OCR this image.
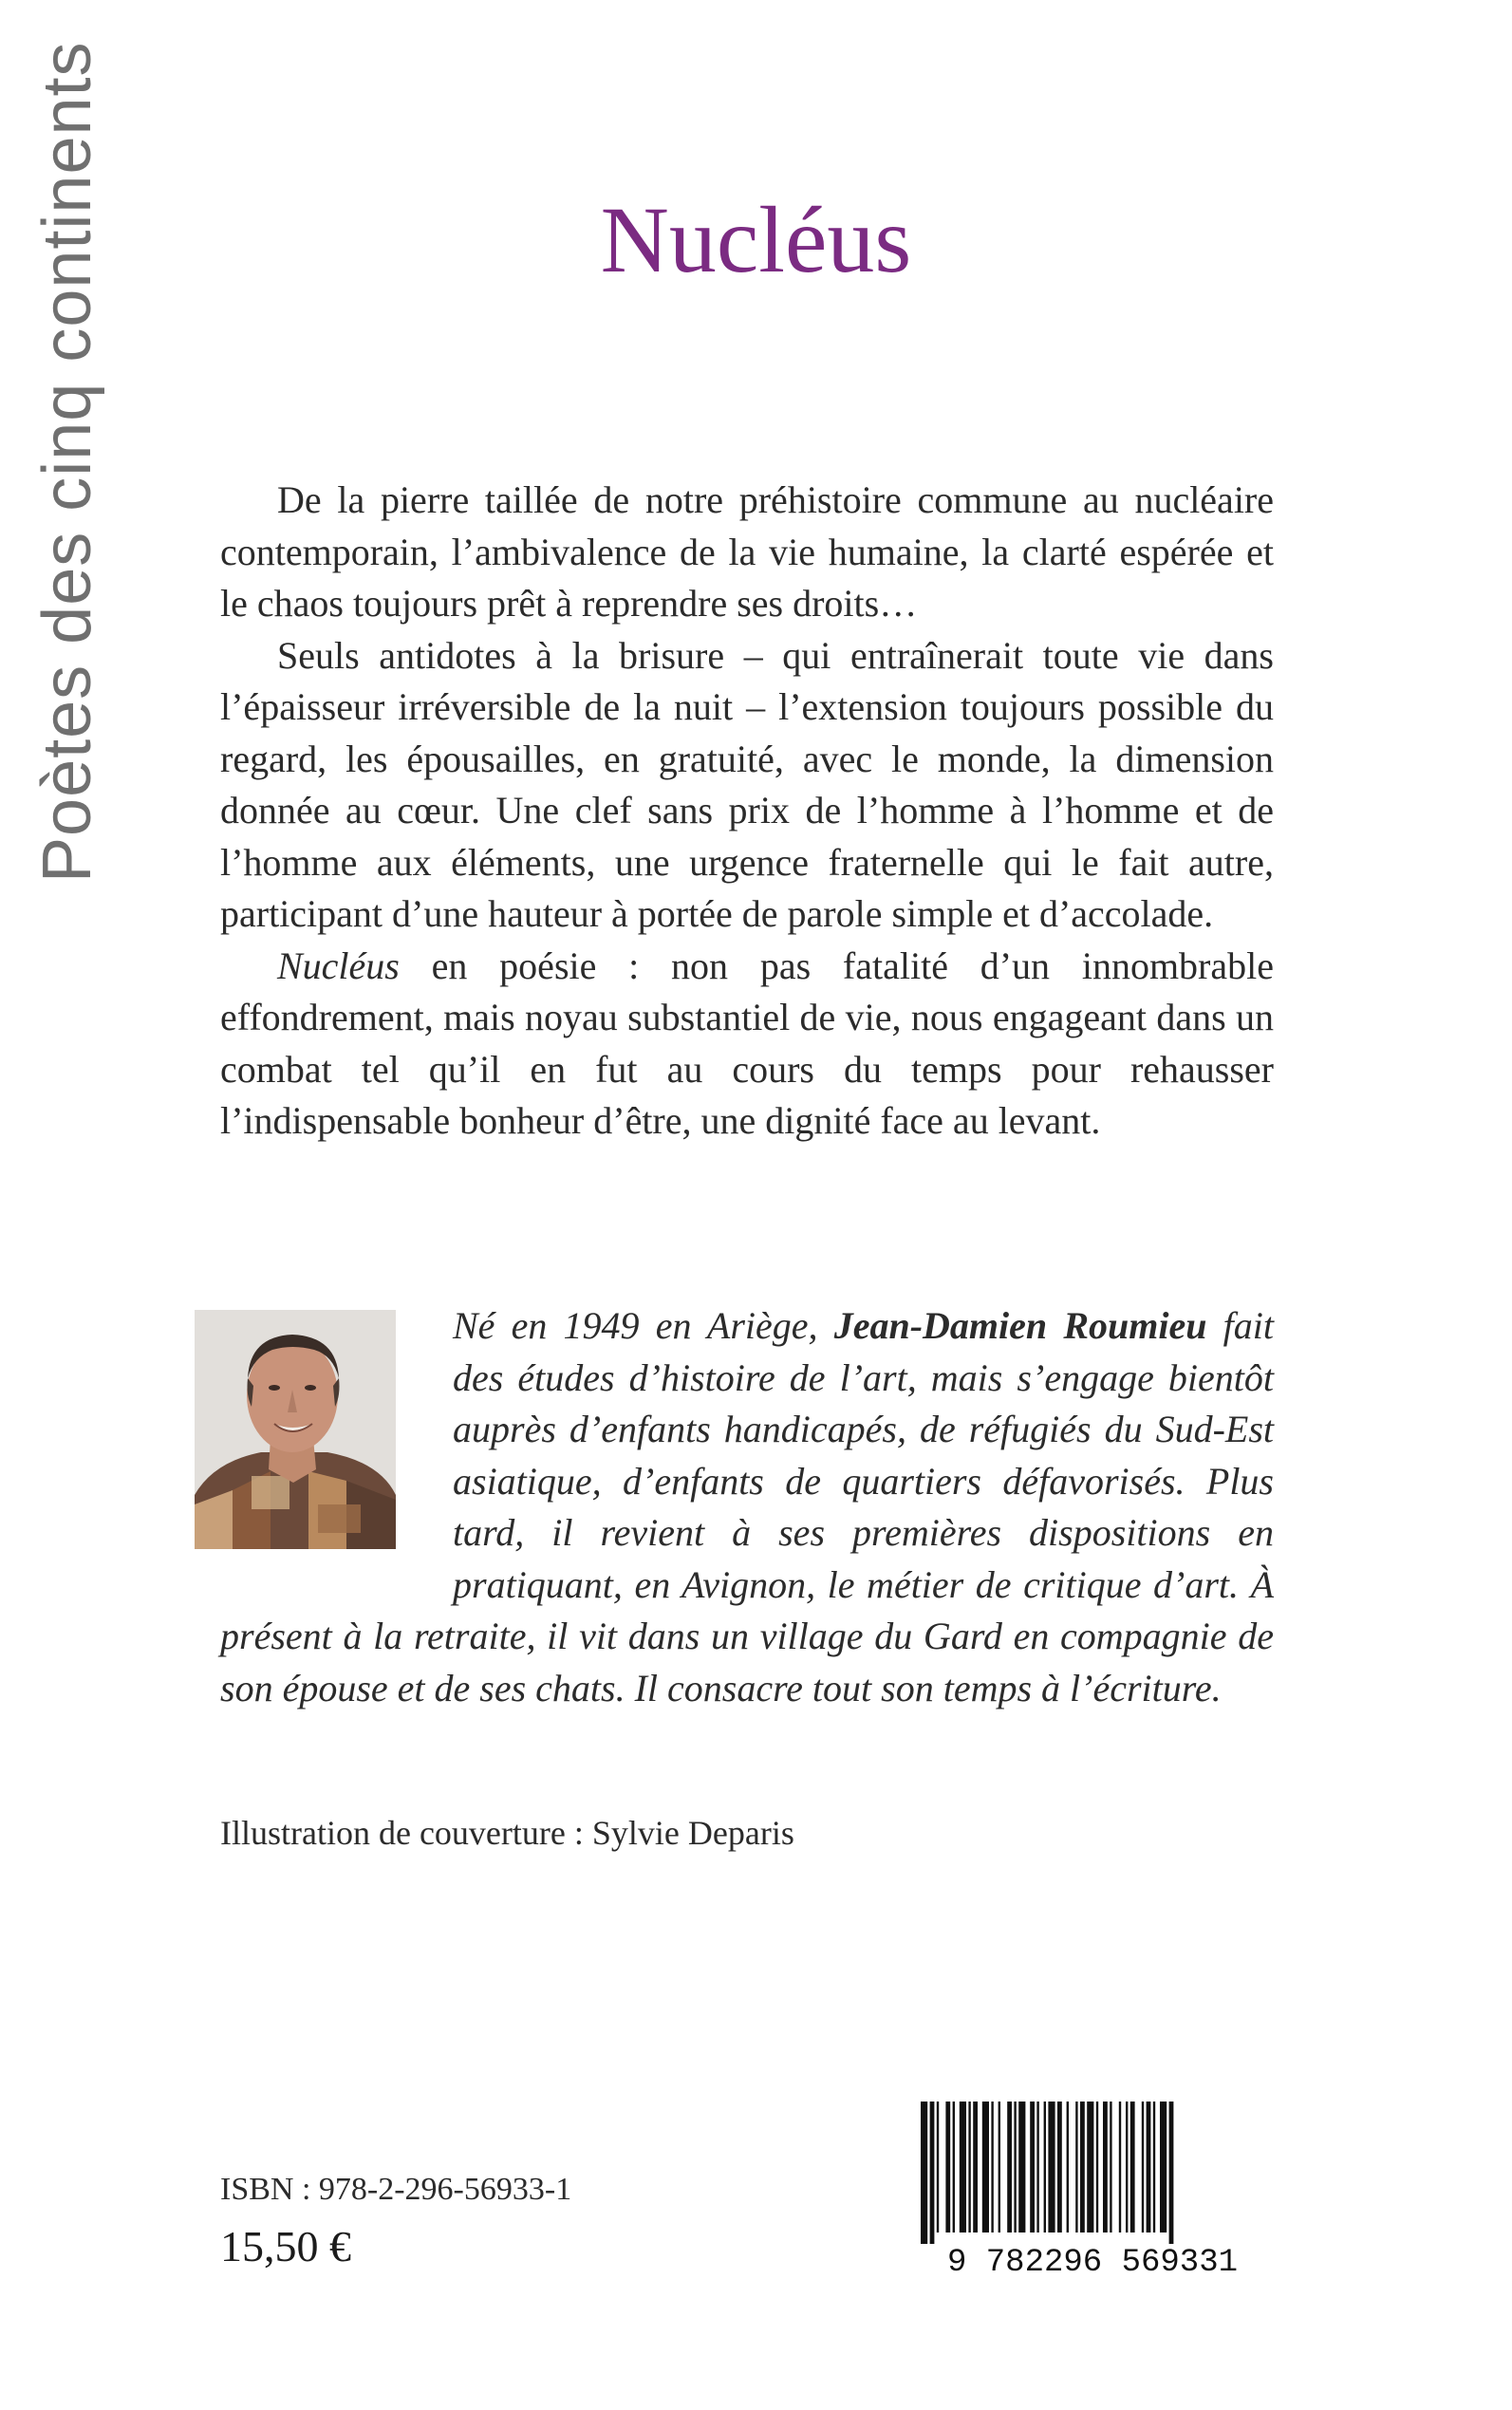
Poètes des cinq continents	Nucléus

De la pierre taillée de notre préhistoire commune au nucléaire contemporain, l’ambivalence de la vie humaine, la clarté espérée et le chaos toujours prêt à reprendre ses droits…

Seuls antidotes à la brisure – qui entraînerait toute vie dans l’épaisseur irréversible de la nuit – l’extension toujours possible du regard, les épousailles, en gratuité, avec le monde, la dimension donnée au cœur. Une clef sans prix de l’homme à l’homme et de l’homme aux éléments, une urgence fraternelle qui le fait autre, participant d’une hauteur à portée de parole simple et d’accolade.

Nucléus en poésie : non pas fatalité d’un innombrable effondrement, mais noyau substantiel de vie, nous engageant dans un combat tel qu’il en fut au cours du temps pour rehausser l’indispensable bonheur d’être, une dignité face au levant.

Né en 1949 en Ariège, Jean-Damien Roumieu fait des études d’histoire de l’art, mais s’engage bientôt auprès d’enfants handicapés, de réfugiés du Sud-Est asiatique, d’enfants de quartiers défavorisés. Plus tard, il revient à ses premières dispositions en pratiquant, en Avignon, le métier de critique d’art. À présent à la retraite, il vit dans un village du Gard en compagnie de son épouse et de ses chats. Il consacre tout son temps à l’écriture.
Illustration de couverture : Sylvie Deparis
ISBN : 978-2-296-56933-1
15,50 €	9 782296 569331
